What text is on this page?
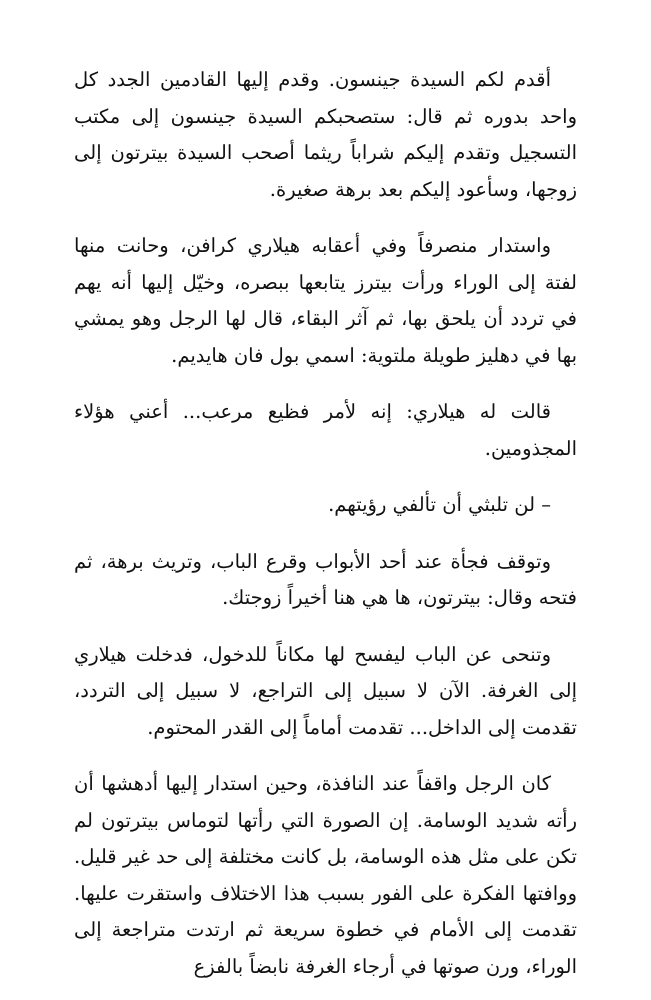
أقدم لكم السيدة جينسون. وقدم إليها القادمين الجدد كل واحد بدوره ثم قال: ستصحبكم السيدة جينسون إلى مكتب التسجيل وتقدم إليكم شراباً ريثما أصحب السيدة بيترتون إلى زوجها، وسأعود إليكم بعد برهة صغيرة.

واستدار منصرفاً وفي أعقابه هيلاري كرافن، وحانت منها لفتة إلى الوراء ورأت بيترز يتابعها ببصره، وخيّل إليها أنه يهم في تردد أن يلحق بها، ثم آثر البقاء، قال لها الرجل وهو يمشي بها في دهليز طويلة ملتوية: اسمي بول فان هايديم.

قالت له هيلاري: إنه لأمر فظيع مرعب... أعني هؤلاء المجذومين.

– لن تلبثي أن تألفي رؤيتهم.

وتوقف فجأة عند أحد الأبواب وقرع الباب، وتريث برهة، ثم فتحه وقال: بيترتون، ها هي هنا أخيراً زوجتك.

وتنحى عن الباب ليفسح لها مكاناً للدخول، فدخلت هيلاري إلى الغرفة. الآن لا سبيل إلى التراجع، لا سبيل إلى التردد، تقدمت إلى الداخل... تقدمت أماماً إلى القدر المحتوم.

كان الرجل واقفاً عند النافذة، وحين استدار إليها أدهشها أن رأته شديد الوسامة. إن الصورة التي رأتها لتوماس بيترتون لم تكن على مثل هذه الوسامة، بل كانت مختلفة إلى حد غير قليل. ووافتها الفكرة على الفور بسبب هذا الاختلاف واستقرت عليها. تقدمت إلى الأمام في خطوة سريعة ثم ارتدت متراجعة إلى الوراء، ورن صوتها في أرجاء الغرفة نابضاً بالفزع
